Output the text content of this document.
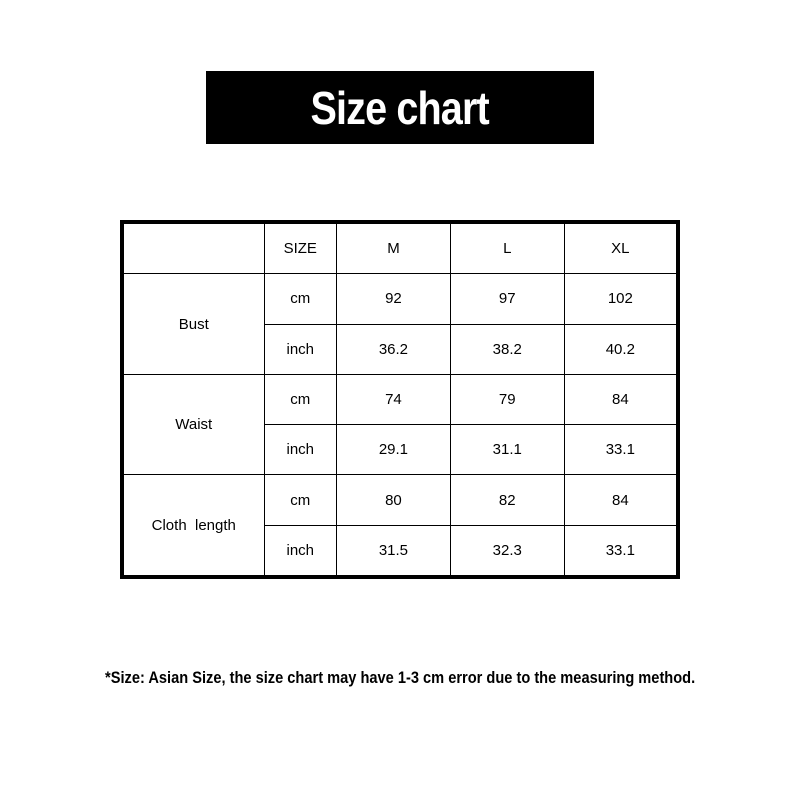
Size chart
	SIZE	M	L	XL
Bust	cm	92	97	102
	inch	36.2	38.2	40.2
Waist	cm	74	79	84
	inch	29.1	31.1	33.1
Cloth  length	cm	80	82	84
	inch	31.5	32.3	33.1
*Size: Asian Size, the size chart may have 1-3 cm error due to the measuring method.
